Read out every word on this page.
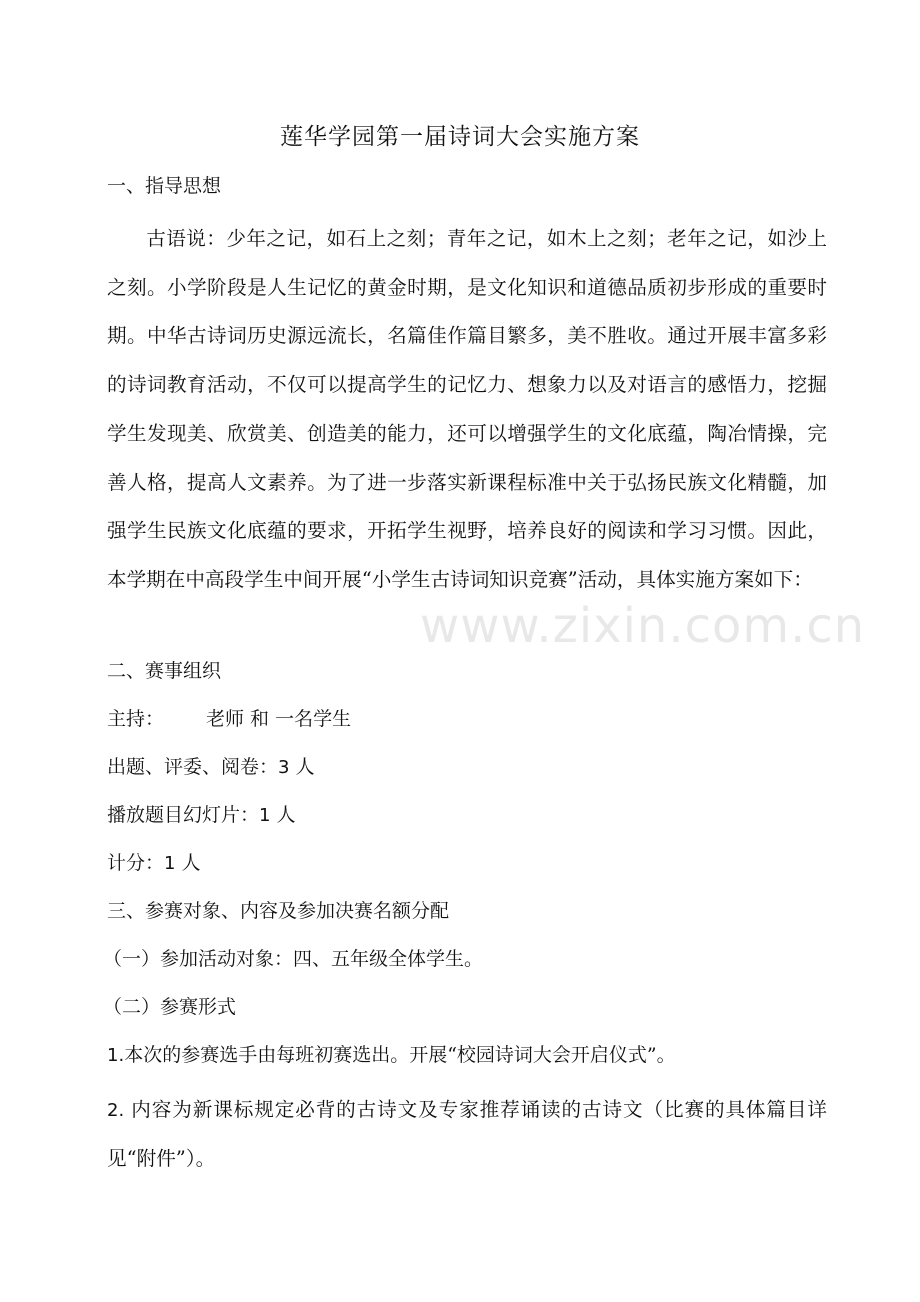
莲华学园第一届诗词大会实施方案
一、指导思想
古语说：少年之记，如石上之刻；青年之记，如木上之刻；老年之记，如沙上之刻。小学阶段是人生记忆的黄金时期，是文化知识和道德品质初步形成的重要时期。中华古诗词历史源远流长，名篇佳作篇目繁多，美不胜收。通过开展丰富多彩的诗词教育活动，不仅可以提高学生的记忆力、想象力以及对语言的感悟力，挖掘学生发现美、欣赏美、创造美的能力，还可以增强学生的文化底蕴，陶冶情操，完善人格，提高人文素养。为了进一步落实新课程标准中关于弘扬民族文化精髓，加强学生民族文化底蕴的要求，开拓学生视野，培养良好的阅读和学习习惯。因此，本学期在中高段学生中间开展“小学生古诗词知识竞赛”活动，具体实施方案如下：
二、赛事组织
主持： 老师 和 一名学生
出题、评委、阅卷：3 人
播放题目幻灯片：1 人
计分：1 人
三、参赛对象、内容及参加决赛名额分配
（一）参加活动对象：四、五年级全体学生。
（二）参赛形式
1.本次的参赛选手由每班初赛选出。开展“校园诗词大会开启仪式”。
2. 内容为新课标规定必背的古诗文及专家推荐诵读的古诗文（比赛的具体篇目详见“附件”）。
www.zixin.com.cn
